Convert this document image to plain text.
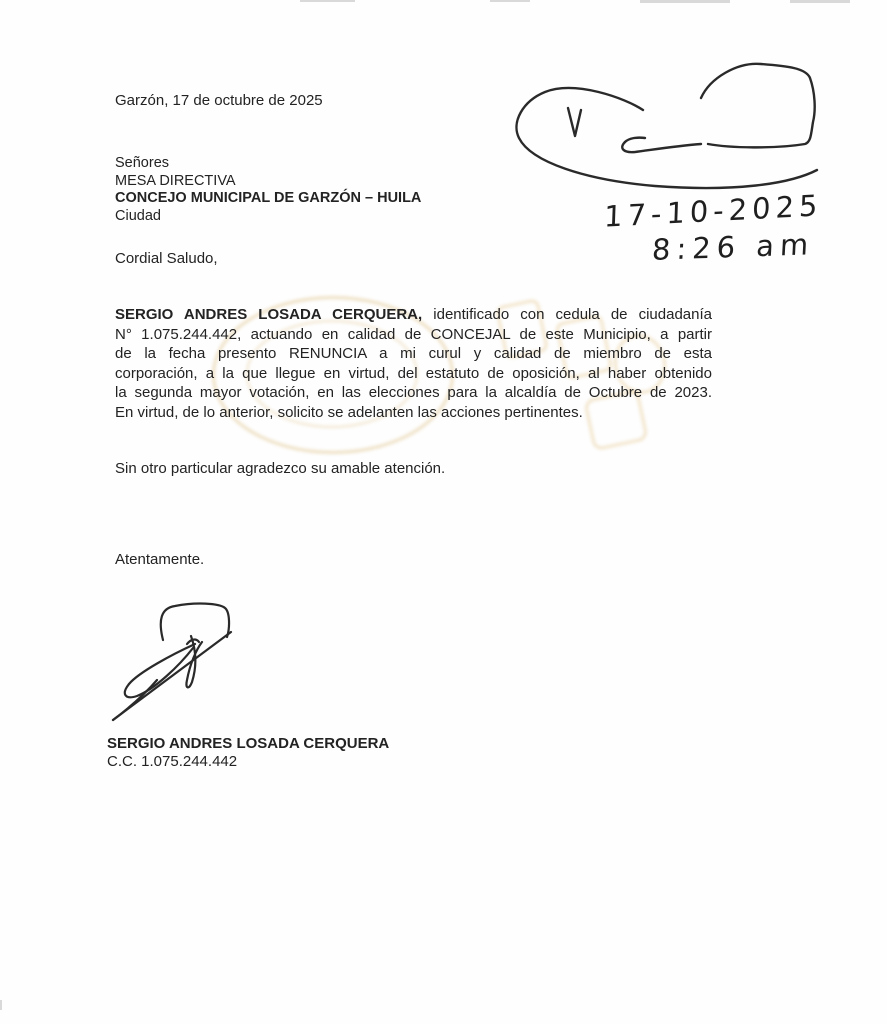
Garzón, 17 de octubre de 2025
Señores
MESA DIRECTIVA
CONCEJO MUNICIPAL DE GARZÓN – HUILA
Ciudad
Cordial Saludo,
SERGIO ANDRES LOSADA CERQUERA, identificado con cedula de ciudadanía
N° 1.075.244.442, actuando en calidad de CONCEJAL de este Municipio, a partir
de la fecha presento RENUNCIA a mi curul y calidad de miembro de esta
corporación, a la que llegue en virtud, del estatuto de oposición, al haber obtenido
la segunda mayor votación, en las elecciones para la alcaldía de Octubre de 2023.
En virtud, de lo anterior, solicito se adelanten las acciones pertinentes.
Sin otro particular agradezco su amable atención.
Atentamente.
SERGIO ANDRES LOSADA CERQUERA
C.C. 1.075.244.442
17-10-2025
8:26 am
